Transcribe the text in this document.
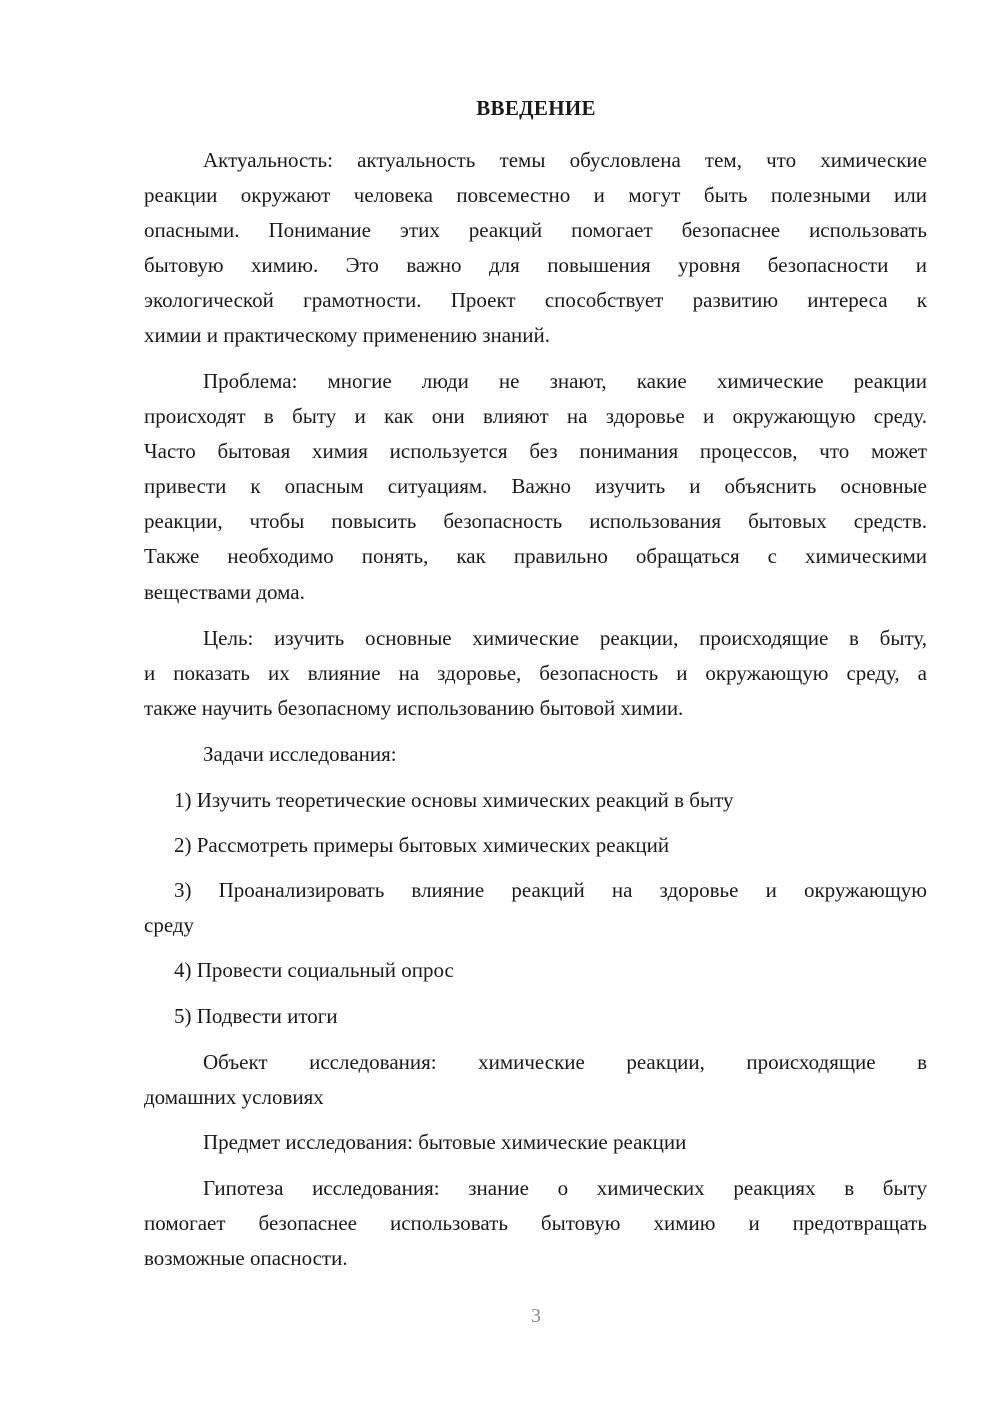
ВВЕДЕНИЕ
Актуальность: актуальность темы обусловлена тем, что химические
реакции окружают человека повсеместно и могут быть полезными или
опасными. Понимание этих реакций помогает безопаснее использовать
бытовую химию. Это важно для повышения уровня безопасности и
экологической грамотности. Проект способствует развитию интереса к
химии и практическому применению знаний.
Проблема: многие люди не знают, какие химические реакции
происходят в быту и как они влияют на здоровье и окружающую среду.
Часто бытовая химия используется без понимания процессов, что может
привести к опасным ситуациям. Важно изучить и объяснить основные
реакции, чтобы повысить безопасность использования бытовых средств.
Также необходимо понять, как правильно обращаться с химическими
веществами дома.
Цель: изучить основные химические реакции, происходящие в быту,
и показать их влияние на здоровье, безопасность и окружающую среду, а
также научить безопасному использованию бытовой химии.
Задачи исследования:
1) Изучить теоретические основы химических реакций в быту
2) Рассмотреть примеры бытовых химических реакций
3) Проанализировать влияние реакций на здоровье и окружающую
среду
4) Провести социальный опрос
5) Подвести итоги
Объект исследования: химические реакции, происходящие в
домашних условиях
Предмет исследования: бытовые химические реакции
Гипотеза исследования: знание о химических реакциях в быту
помогает безопаснее использовать бытовую химию и предотвращать
возможные опасности.
3
